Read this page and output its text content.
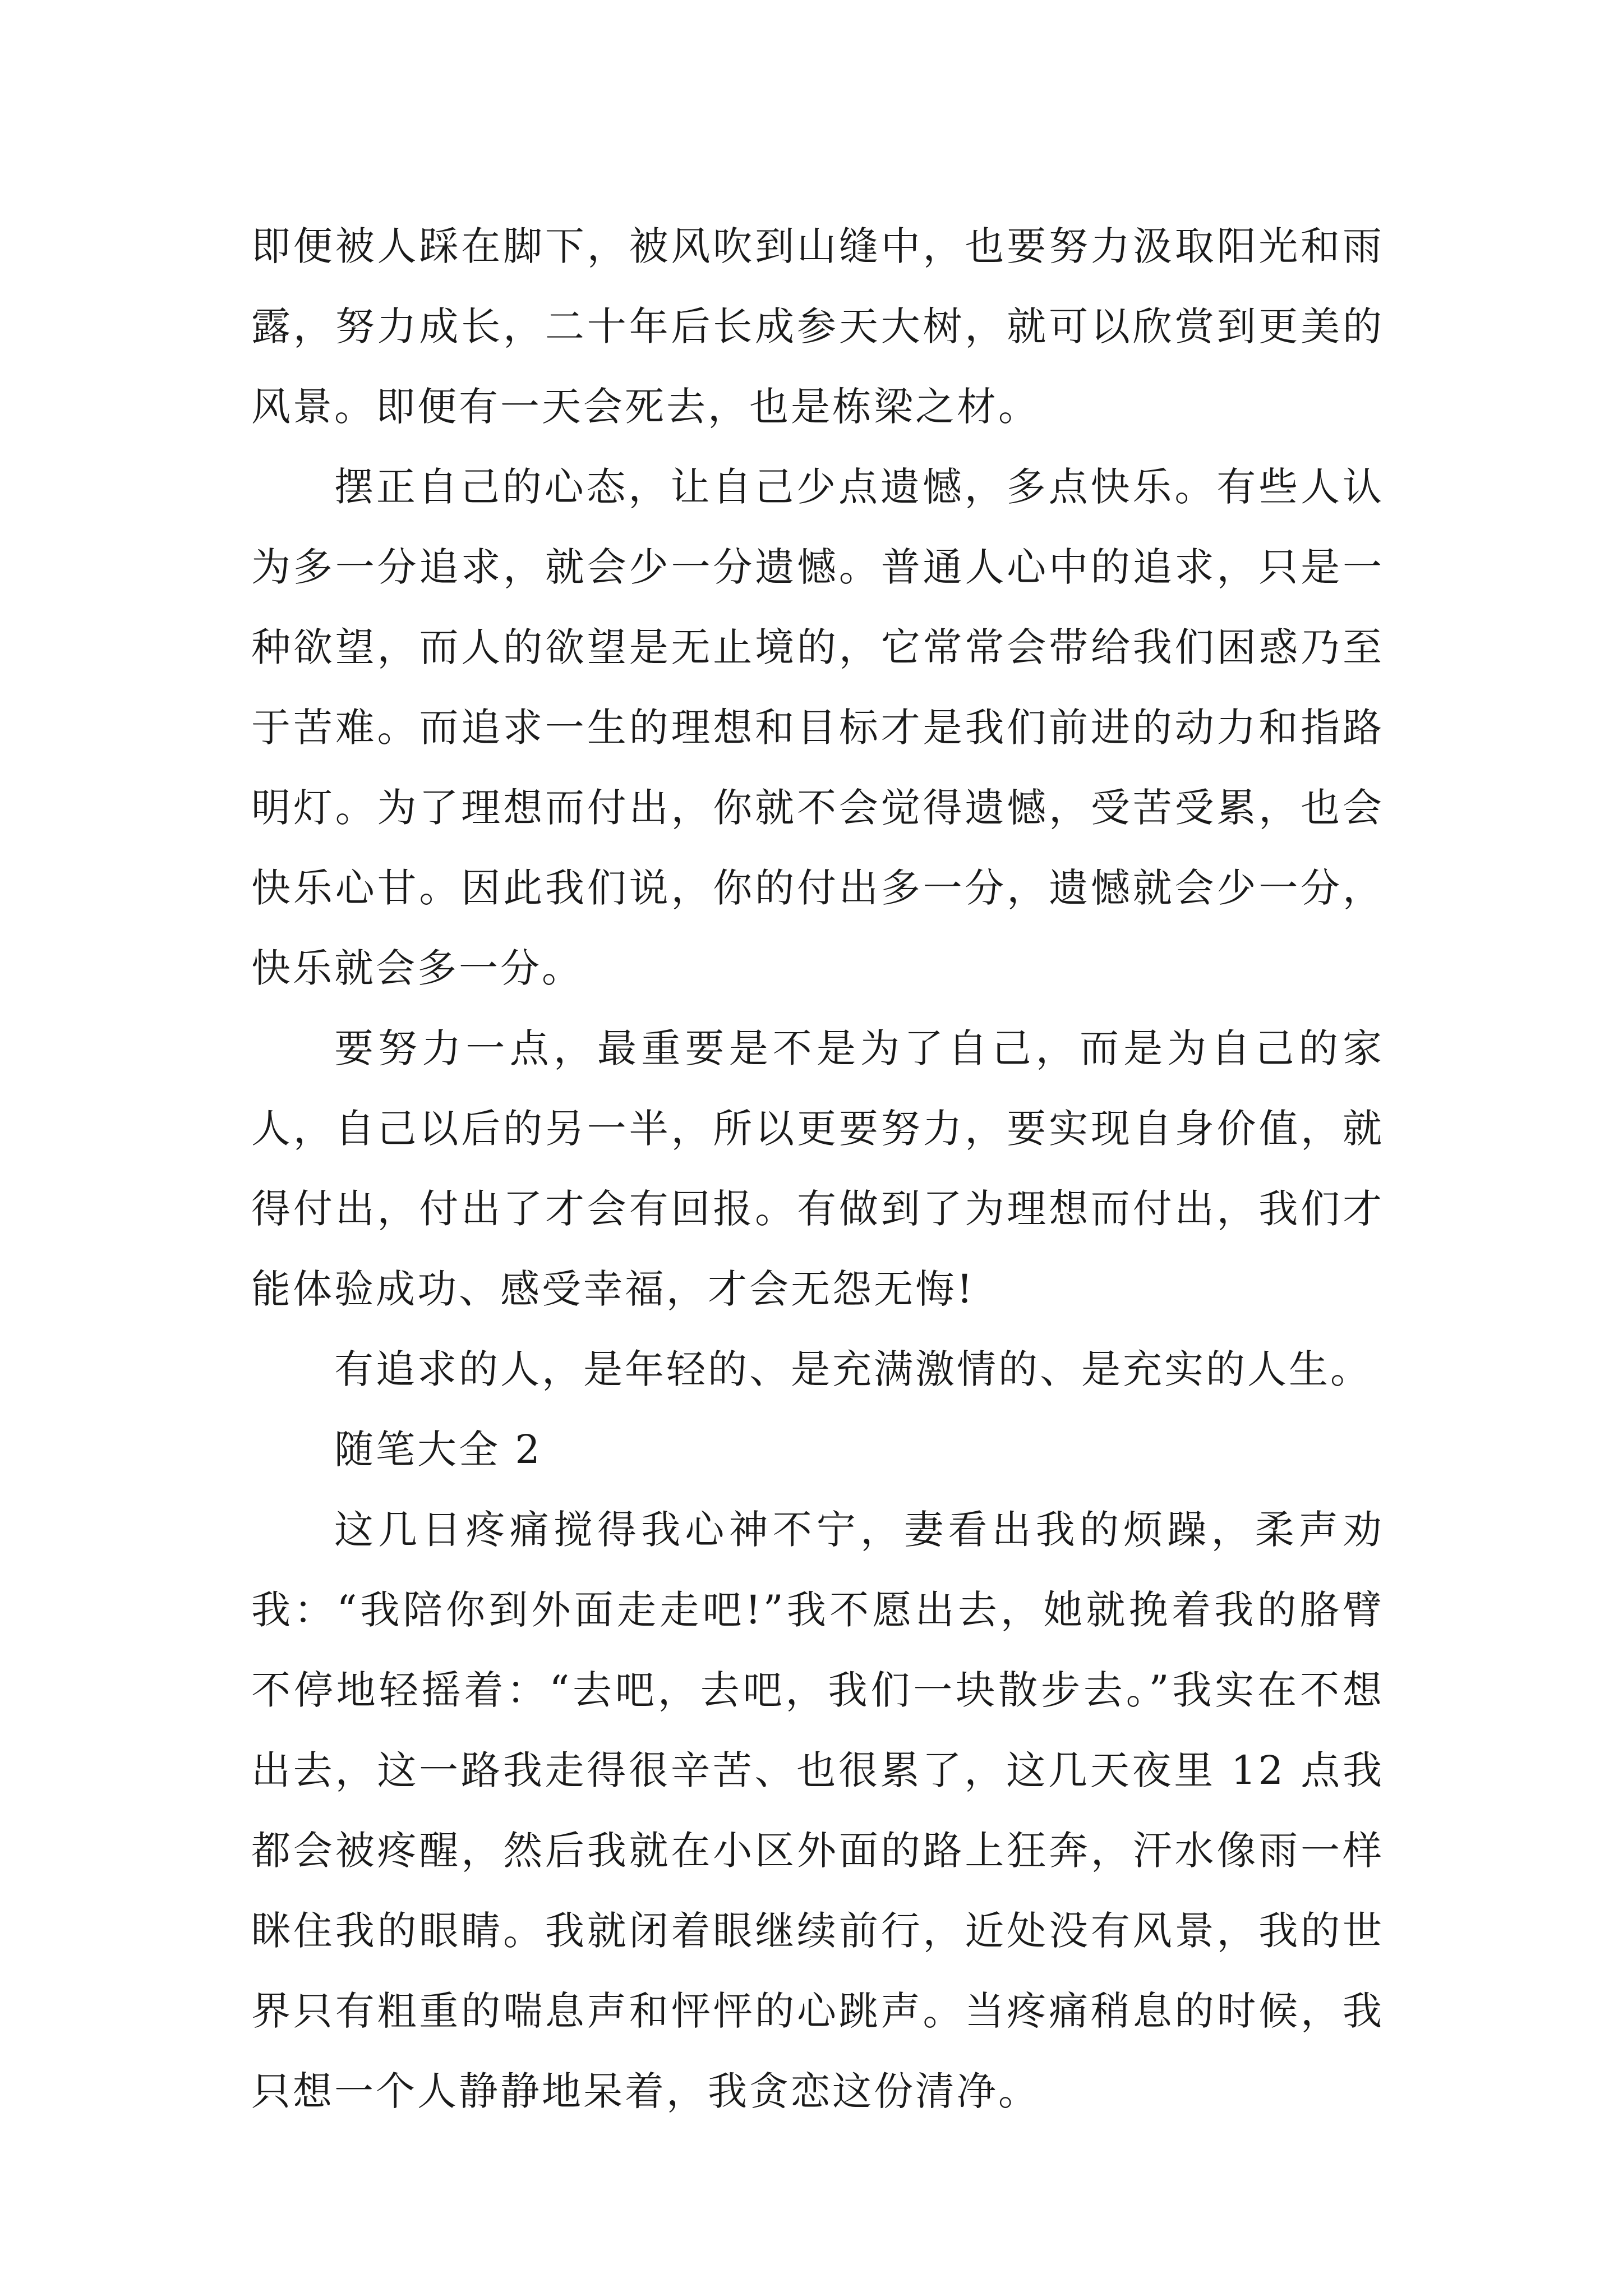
即便被人踩在脚下，被风吹到山缝中，也要努力汲取阳光和雨露，努力成长，二十年后长成参天大树，就可以欣赏到更美的风景。即便有一天会死去，也是栋梁之材。

摆正自己的心态，让自己少点遗憾，多点快乐。有些人认为多一分追求，就会少一分遗憾。普通人心中的追求，只是一种欲望，而人的欲望是无止境的，它常常会带给我们困惑乃至于苦难。而追求一生的理想和目标才是我们前进的动力和指路明灯。为了理想而付出，你就不会觉得遗憾，受苦受累，也会快乐心甘。因此我们说，你的付出多一分，遗憾就会少一分，快乐就会多一分。

要努力一点，最重要是不是为了自己，而是为自己的家人，自己以后的另一半，所以更要努力，要实现自身价值，就得付出，付出了才会有回报。有做到了为理想而付出，我们才能体验成功、感受幸福，才会无怨无悔!

有追求的人，是年轻的、是充满激情的、是充实的人生。

随笔大全 2

这几日疼痛搅得我心神不宁，妻看出我的烦躁，柔声劝我：“我陪你到外面走走吧!”我不愿出去，她就挽着我的胳臂不停地轻摇着：“去吧，去吧，我们一块散步去。”我实在不想出去，这一路我走得很辛苦、也很累了，这几天夜里 12 点我都会被疼醒，然后我就在小区外面的路上狂奔，汗水像雨一样眯住我的眼睛。我就闭着眼继续前行，近处没有风景，我的世界只有粗重的喘息声和怦怦的心跳声。当疼痛稍息的时候，我只想一个人静静地呆着，我贪恋这份清净。
